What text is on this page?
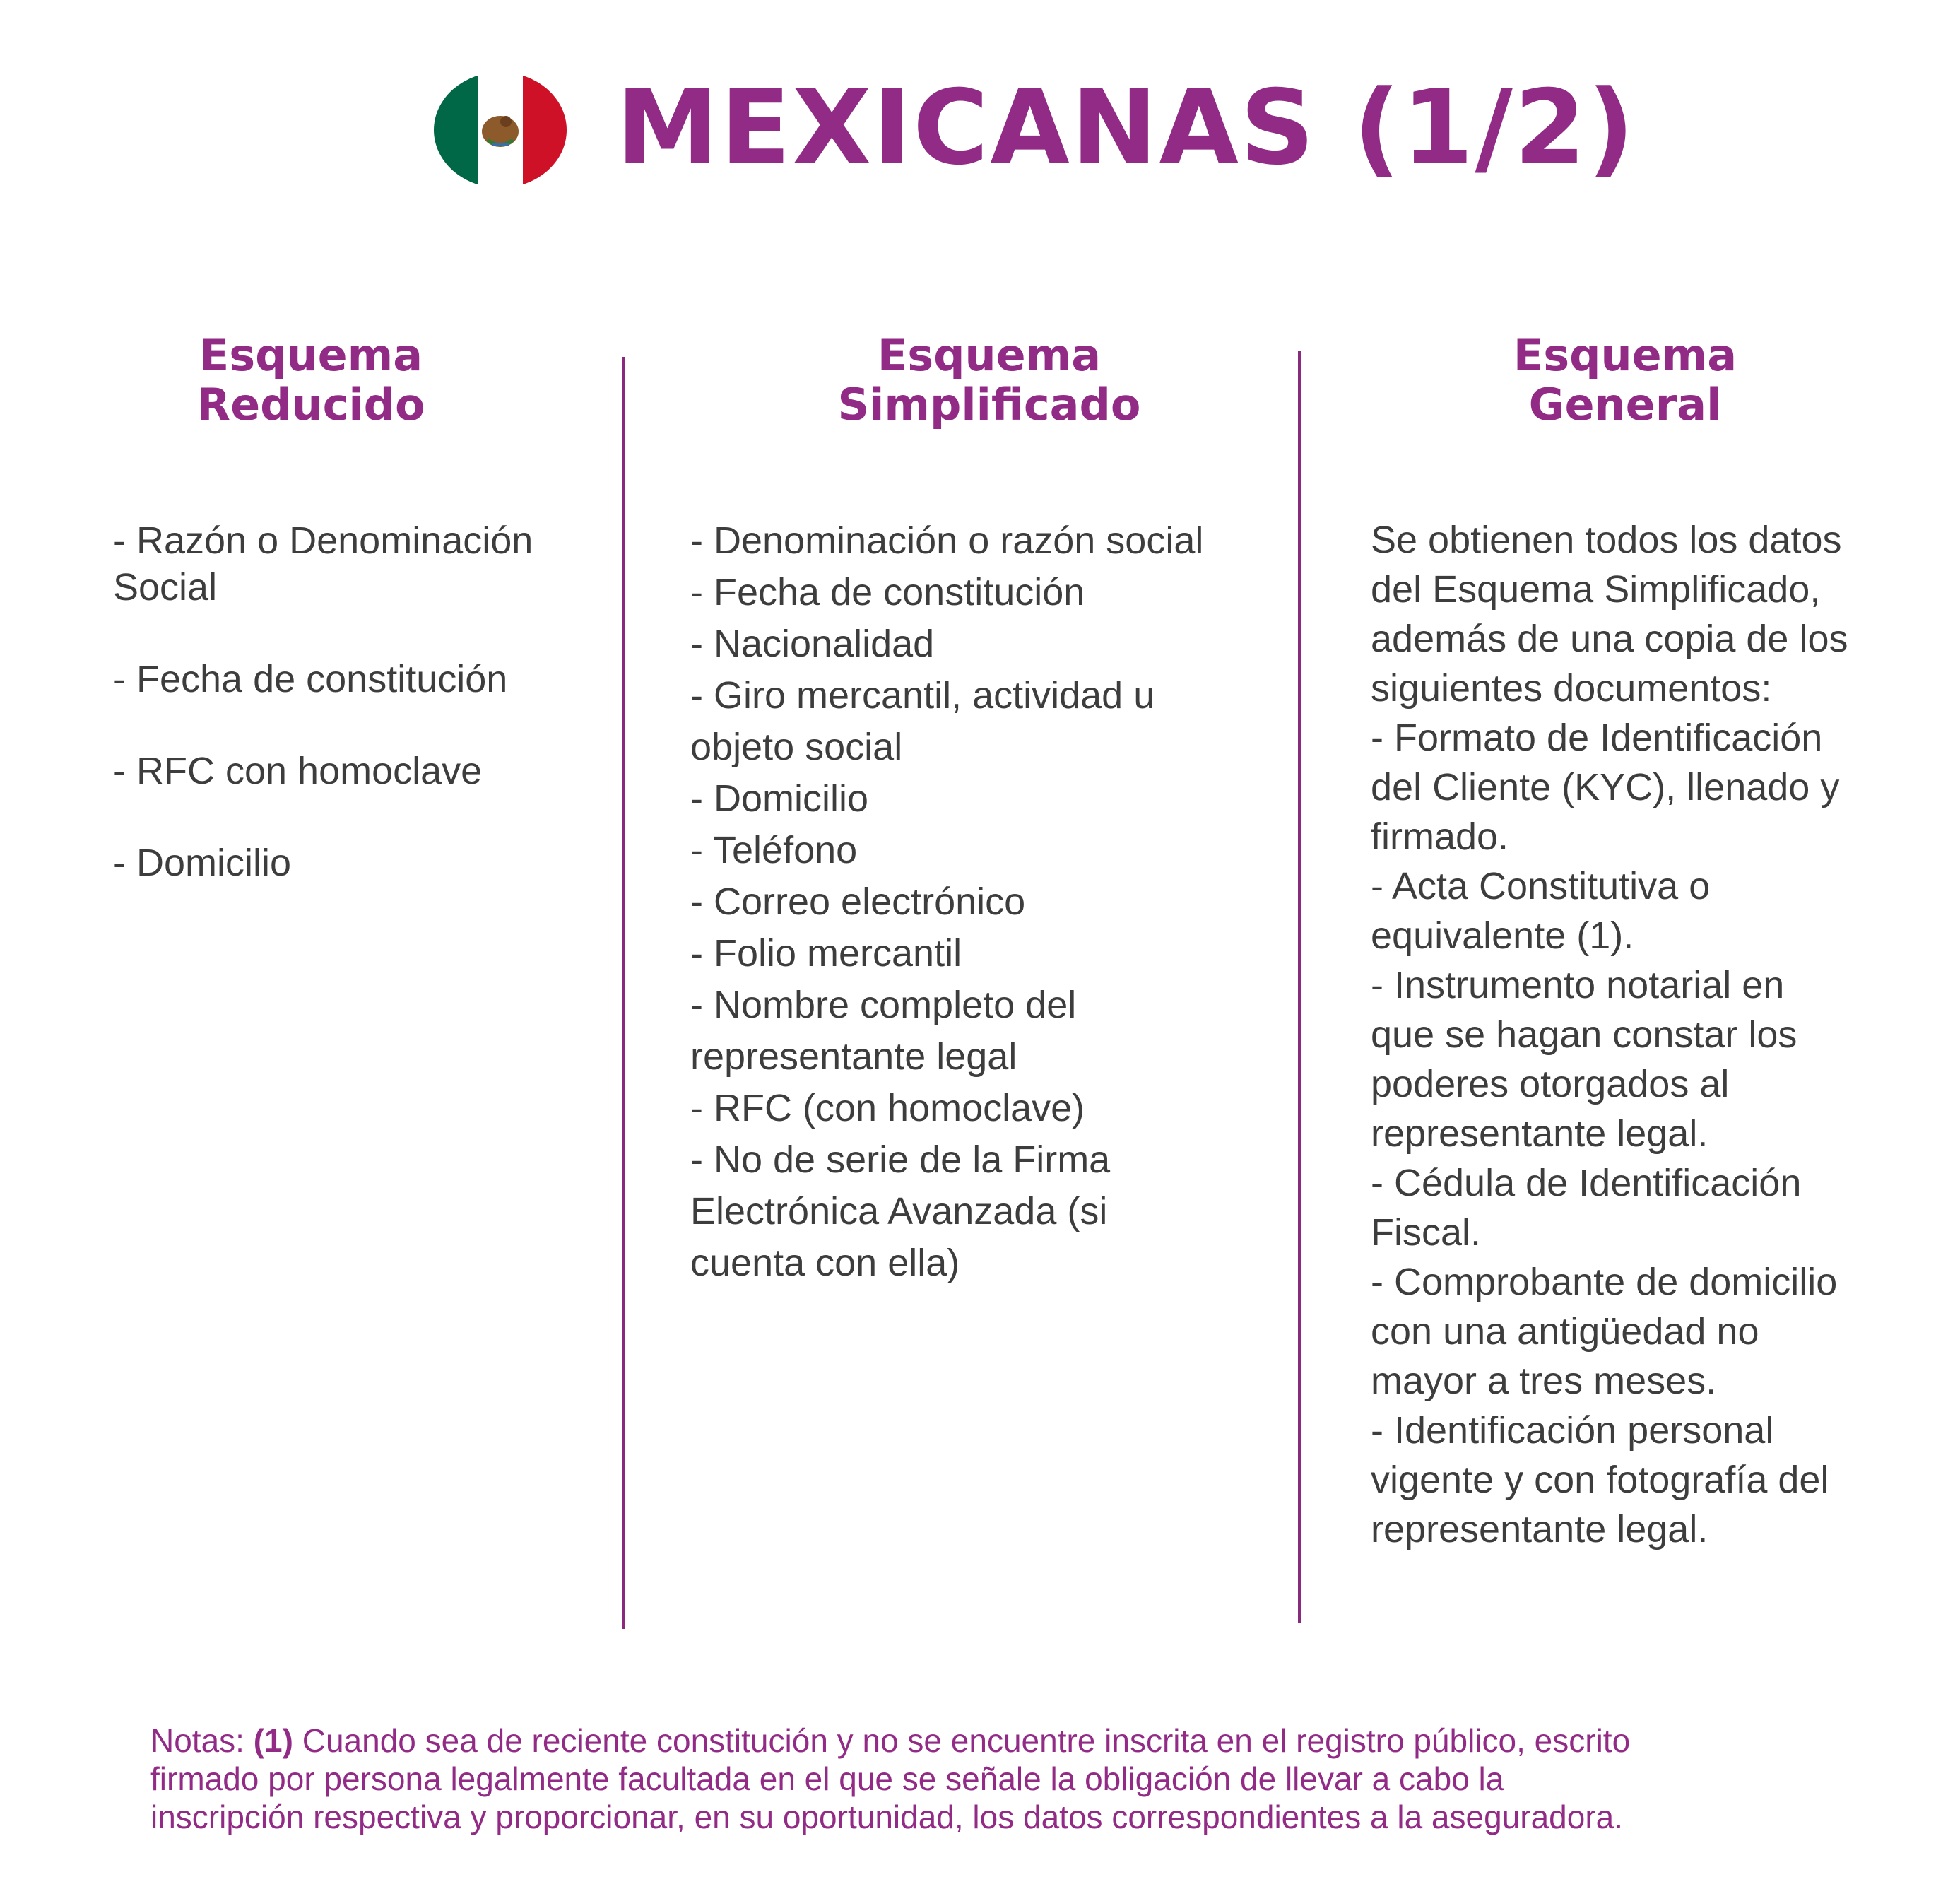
MEXICANAS (1/2)
Esquema
Reducido
Esquema
Simplificado
Esquema
General
- Razón o Denominación
Social
- Fecha de constitución
- RFC con homoclave
- Domicilio
- Denominación o razón social
- Fecha de constitución
- Nacionalidad
- Giro mercantil, actividad u
objeto social
- Domicilio
- Teléfono
- Correo electrónico
- Folio mercantil
- Nombre completo del
representante legal
- RFC (con homoclave)
- No de serie de la Firma
Electrónica Avanzada (si
cuenta con ella)
Se obtienen todos los datos
del Esquema Simplificado,
además de una copia de los
siguientes documentos:
- Formato de Identificación
del Cliente (KYC), llenado y
firmado.
- Acta Constitutiva o
equivalente (1).
- Instrumento notarial en
que se hagan constar los
poderes otorgados al
representante legal.
- Cédula de Identificación
Fiscal.
- Comprobante de domicilio
con una antigüedad no
mayor a tres meses.
- Identificación personal
vigente y con fotografía del
representante legal.
Notas: (1) Cuando sea de reciente constitución y no se encuentre inscrita en el registro público, escrito
firmado por persona legalmente facultada en el que se señale la obligación de llevar a cabo la
inscripción respectiva y proporcionar, en su oportunidad, los datos correspondientes a la aseguradora.
